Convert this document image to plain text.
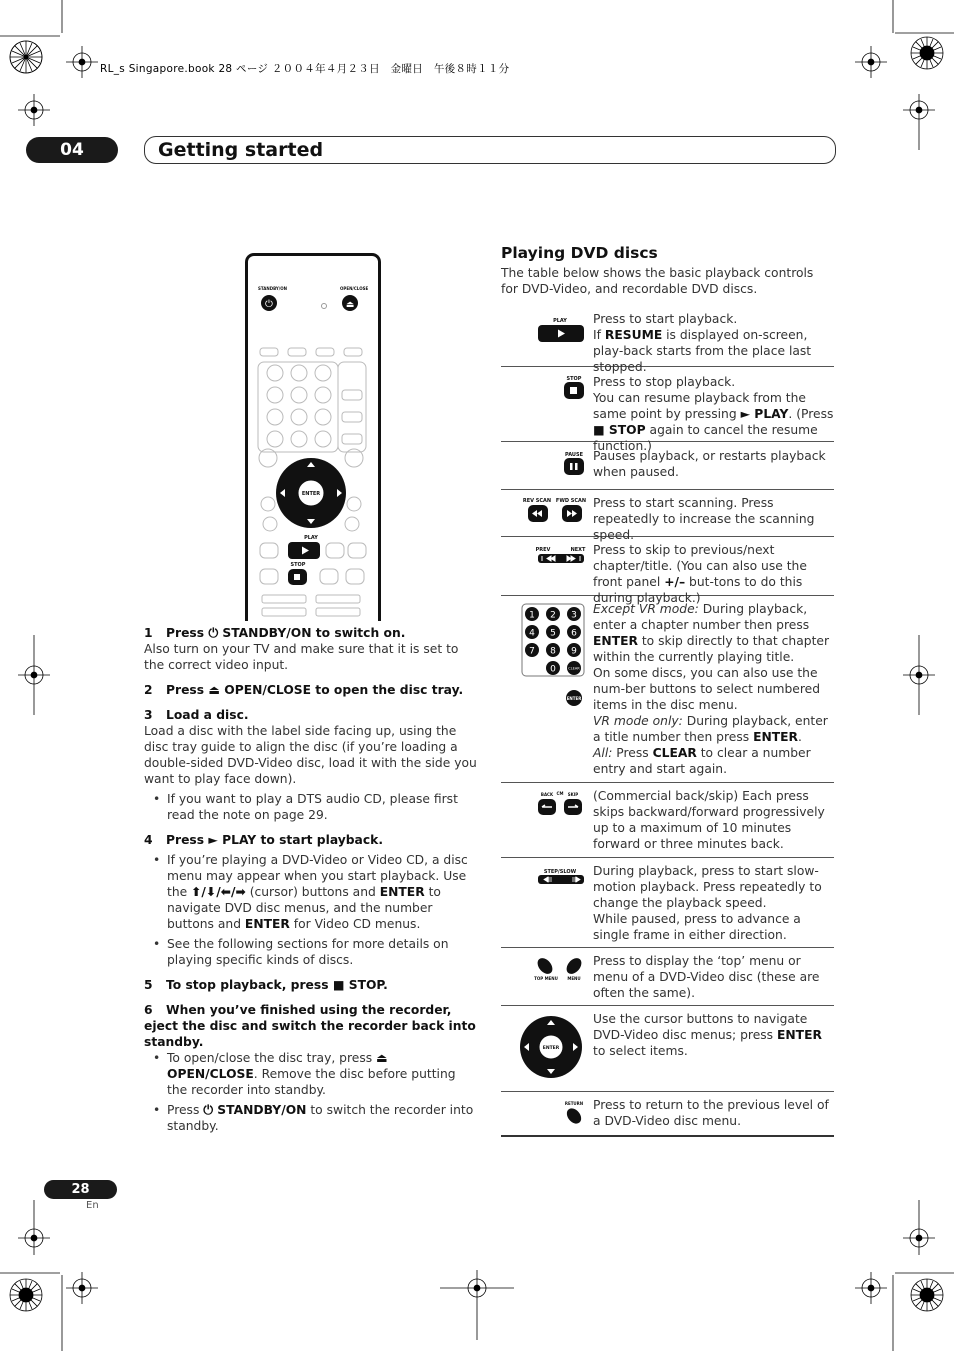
RL_s Singapore.book 28 ページ ２００４年４月２３日　金曜日　午後８時１１分
04	Getting started
STANDBY/ON	OPEN/CLOSE
⏻	⏏
ENTER
PLAY
STOP
1 Press ⏻ STANDBY/ON to switch on.

Also turn on your TV and make sure that it is set to the correct video input.

2 Press ⏏ OPEN/CLOSE to open the disc tray.
3 Load a disc.

Load a disc with the label side facing up, using the disc tray guide to align the disc (if you’re loading a double-sided DVD-Video disc, load it with the side you want to play face down).

• If you want to play a DTS audio CD, please first read the note on page 29.
4 Press ► PLAY to start playback.
• If you’re playing a DVD-Video or Video CD, a disc menu may appear when you start playback. Use the ⬆/⬇/⬅/➡ (cursor) buttons and ENTER to navigate DVD disc menus, and the number buttons and ENTER for Video CD menus.
• See the following sections for more details on playing specific kinds of discs.
5 To stop playback, press ■ STOP.
6 When you’ve finished using the recorder, eject the disc and switch the recorder back into standby.
• To open/close the disc tray, press ⏏ OPEN/CLOSE. Remove the disc before putting the recorder into standby.
• Press ⏻ STANDBY/ON to switch the recorder into standby.
Playing DVD discs
The table below shows the basic playback controls for DVD-Video, and recordable DVD discs.
PLAY Press to start playback.
If RESUME is displayed on-screen, play-back starts from the place last stopped.
STOP Press to stop playback.
You can resume playback from the same point by pressing ► PLAY. (Press ■ STOP again to cancel the resume function.)
PAUSE Pauses playback, or restarts playback when paused.
REV SCAN FWD SCAN Press to start scanning. Press repeatedly to increase the scanning speed.
PREV	NEXT Press to skip to previous/next chapter/title. (You can also use the front panel +/– but-tons to do this during playback.)
1 2 3
4 5 6
7 8 9
0	CLEAR
ENTER
Except VR mode: During playback, enter a chapter number then press ENTER to skip directly to that chapter within the currently playing title.
On some discs, you can also use the num-ber buttons to select numbered items in the disc menu.
VR mode only: During playback, enter a title number then press ENTER.
All: Press CLEAR to clear a number entry and start again.
BACK CM SKIP (Commercial back/skip) Each press skips backward/forward progressively up to a maximum of 10 minutes forward or three minutes back.
STEP/SLOW During playback, press to start slow-motion playback. Press repeatedly to change the playback speed.
While paused, press to advance a single frame in either direction.
TOP MENU MENU
Press to display the ‘top’ menu or menu of a DVD-Video disc (these are often the same).
ENTER
Use the cursor buttons to navigate DVD-Video disc menus; press ENTER to select items.
RETURN Press to return to the previous level of a DVD-Video disc menu.
28
En
